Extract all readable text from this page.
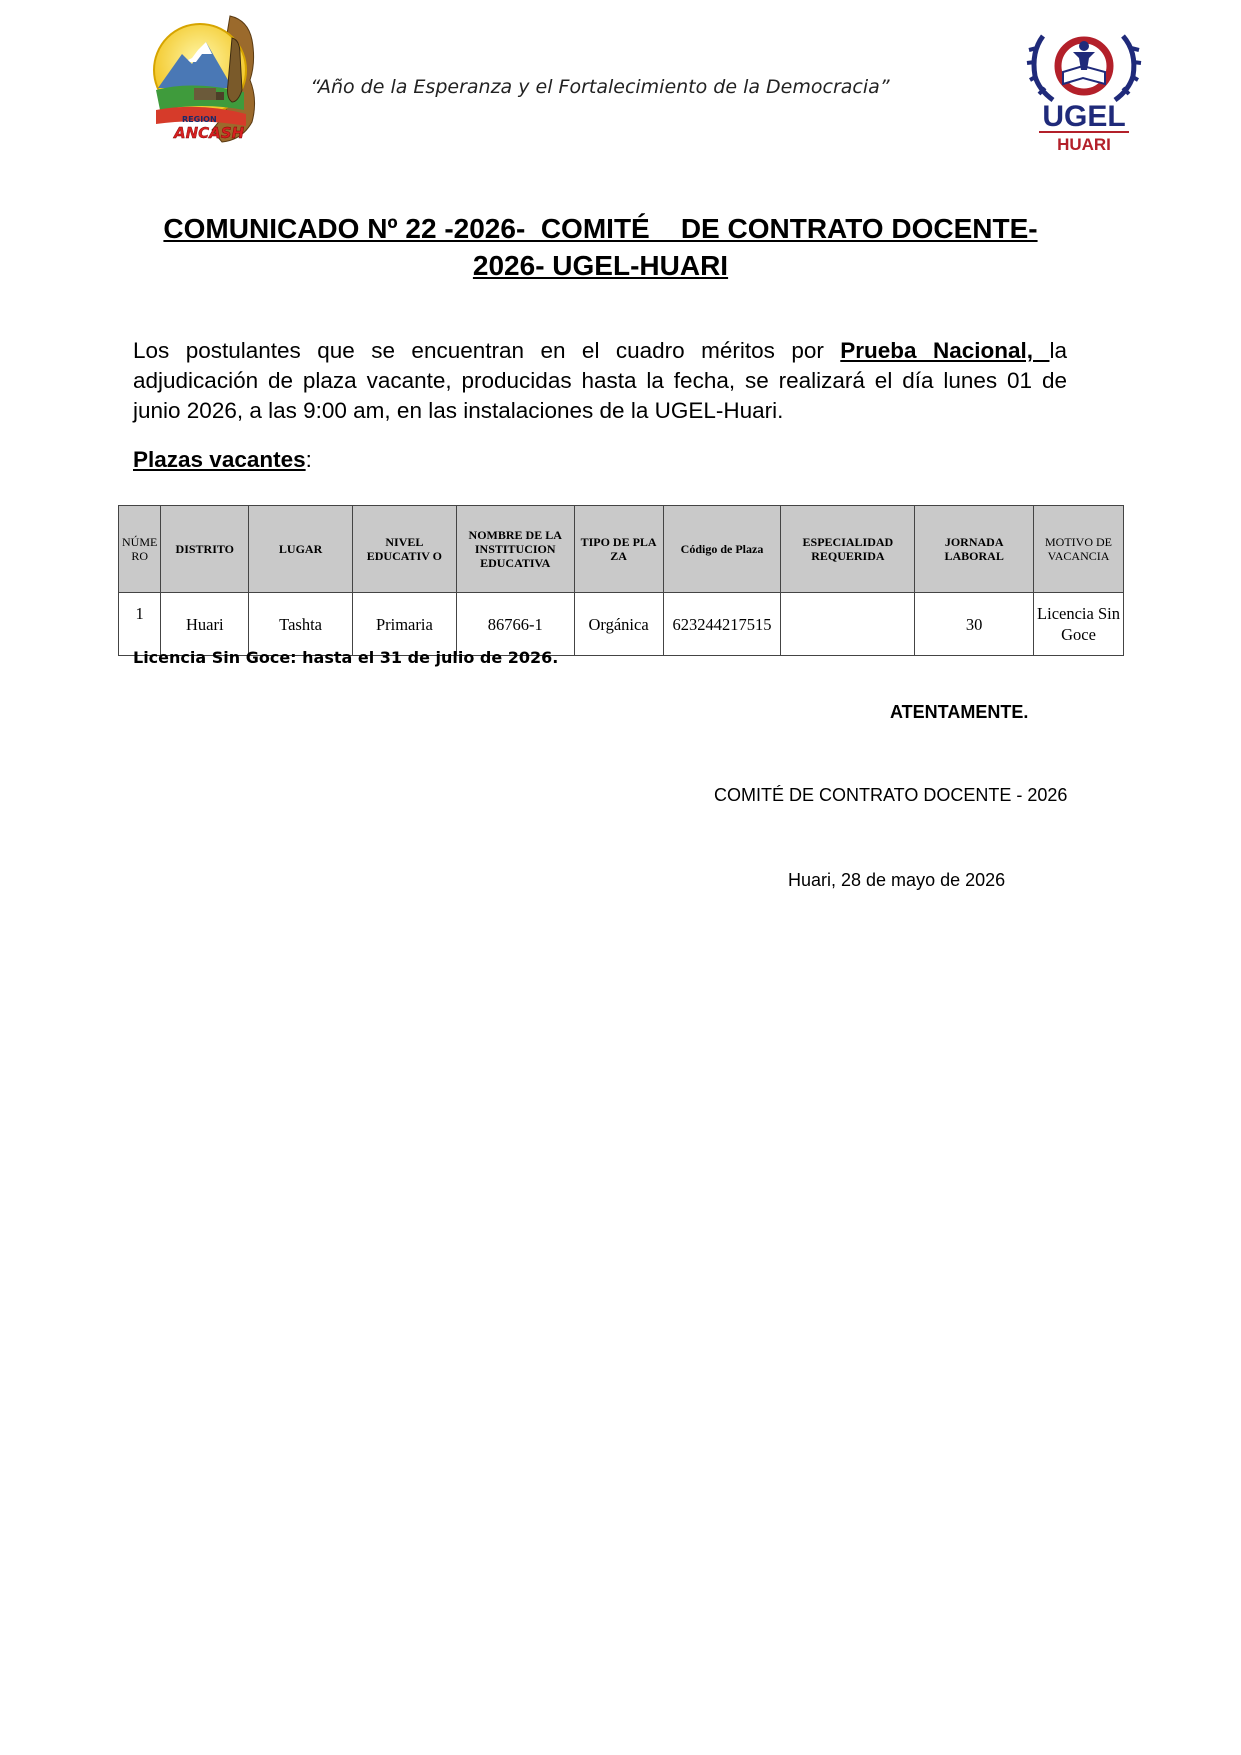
REGION
ANCASH
“Año de la Esperanza y el Fortalecimiento de la Democracia”
UGEL
HUARI
COMUNICADO Nº 22 -2026-  COMITÉ    DE CONTRATO DOCENTE-
2026- UGEL-HUARI
Los postulantes que se encuentran en el cuadro méritos por Prueba Nacional, la adjudicación de plaza vacante, producidas hasta la fecha, se realizará el día lunes 01 de junio 2026, a las 9:00 am, en las instalaciones de la UGEL-Huari.
Plazas vacantes:
NÚME RO	DISTRITO	LUGAR	NIVEL EDUCATIV O	NOMBRE DE LA INSTITUCION EDUCATIVA	TIPO DE PLA ZA	Código de Plaza	ESPECIALIDAD REQUERIDA	JORNADA LABORAL	MOTIVO DE VACANCIA
1	Huari	Tashta	Primaria	86766-1	Orgánica	623244217515		30	Licencia Sin Goce
Licencia Sin Goce: hasta el 31 de julio de 2026.
ATENTAMENTE.
COMITÉ DE CONTRATO DOCENTE - 2026
Huari, 28 de mayo de 2026
